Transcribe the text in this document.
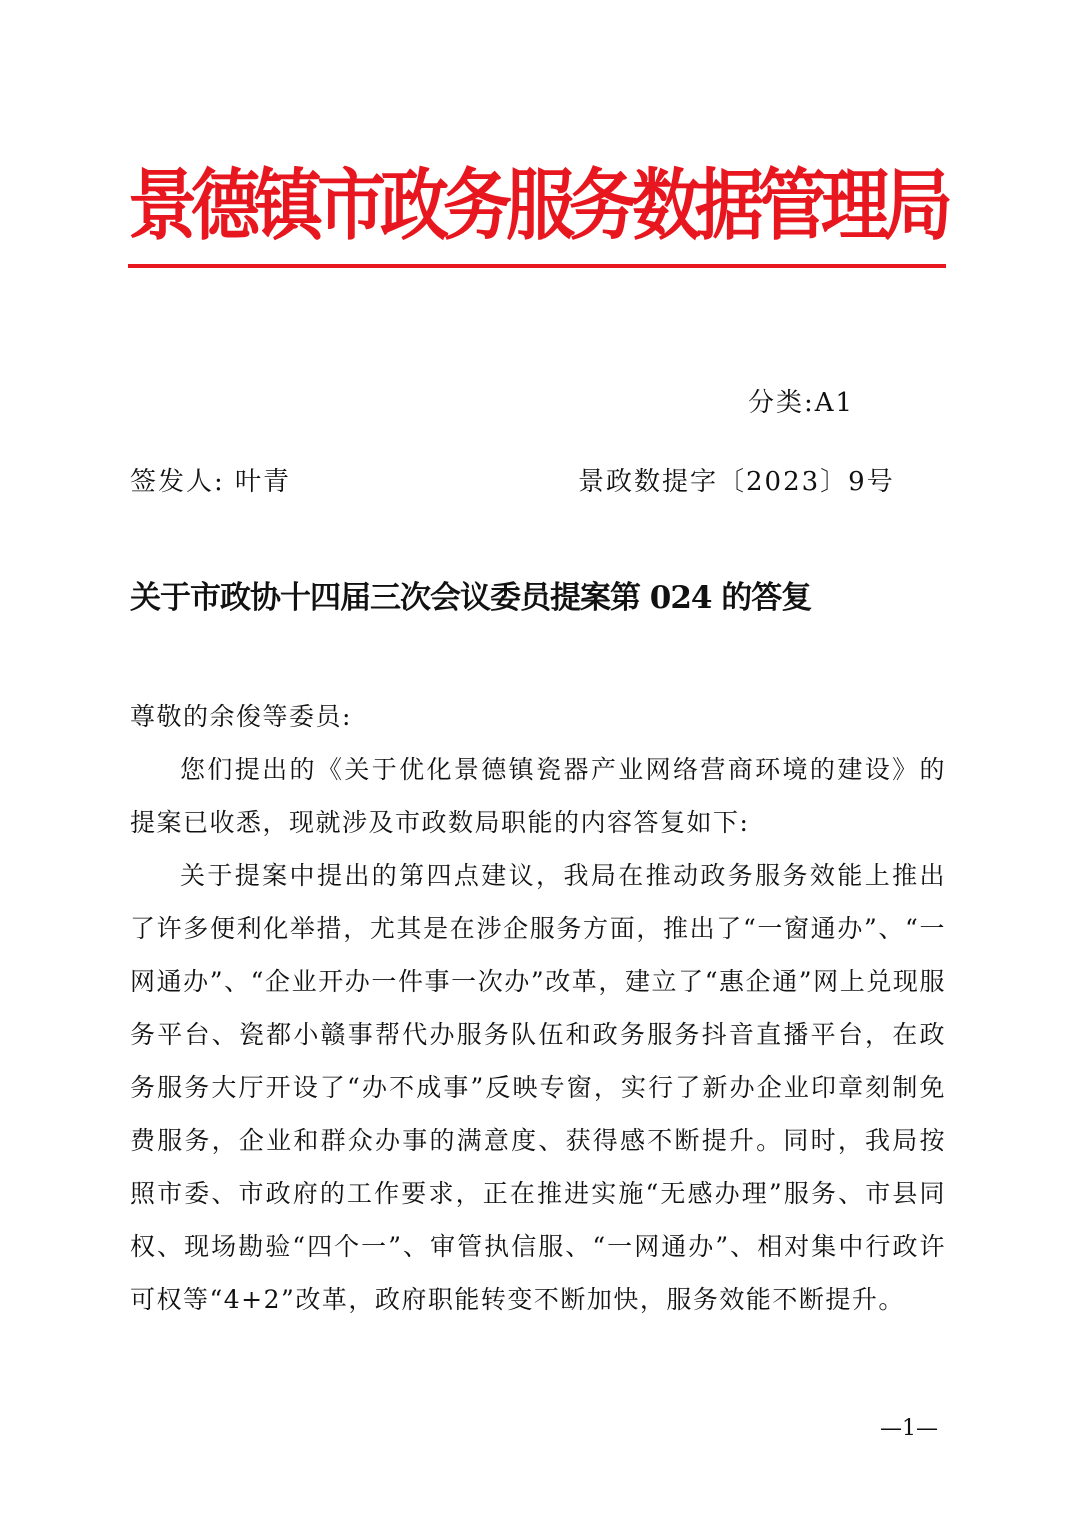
景德镇市政务服务数据管理局
分类:A1
签发人: 叶青	景政数提字〔2023〕9号
关于市政协十四届三次会议委员提案第 024 的答复

尊敬的余俊等委员:

您们提出的《关于优化景德镇瓷器产业网络营商环境的建设》的提案已收悉，现就涉及市政数局职能的内容答复如下:

关于提案中提出的第四点建议，我局在推动政务服务效能上推出了许多便利化举措，尤其是在涉企服务方面，推出了“一窗通办”、“一网通办”、“企业开办一件事一次办”改革，建立了“惠企通”网上兑现服务平台、瓷都小赣事帮代办服务队伍和政务服务抖音直播平台，在政务服务大厅开设了“办不成事”反映专窗，实行了新办企业印章刻制免费服务，企业和群众办事的满意度、获得感不断提升。同时，我局按照市委、市政府的工作要求，正在推进实施“无感办理”服务、市县同权、现场勘验“四个一”、审管执信服、“一网通办”、相对集中行政许可权等“4+2”改革，政府职能转变不断加快，服务效能不断提升。

—1—
